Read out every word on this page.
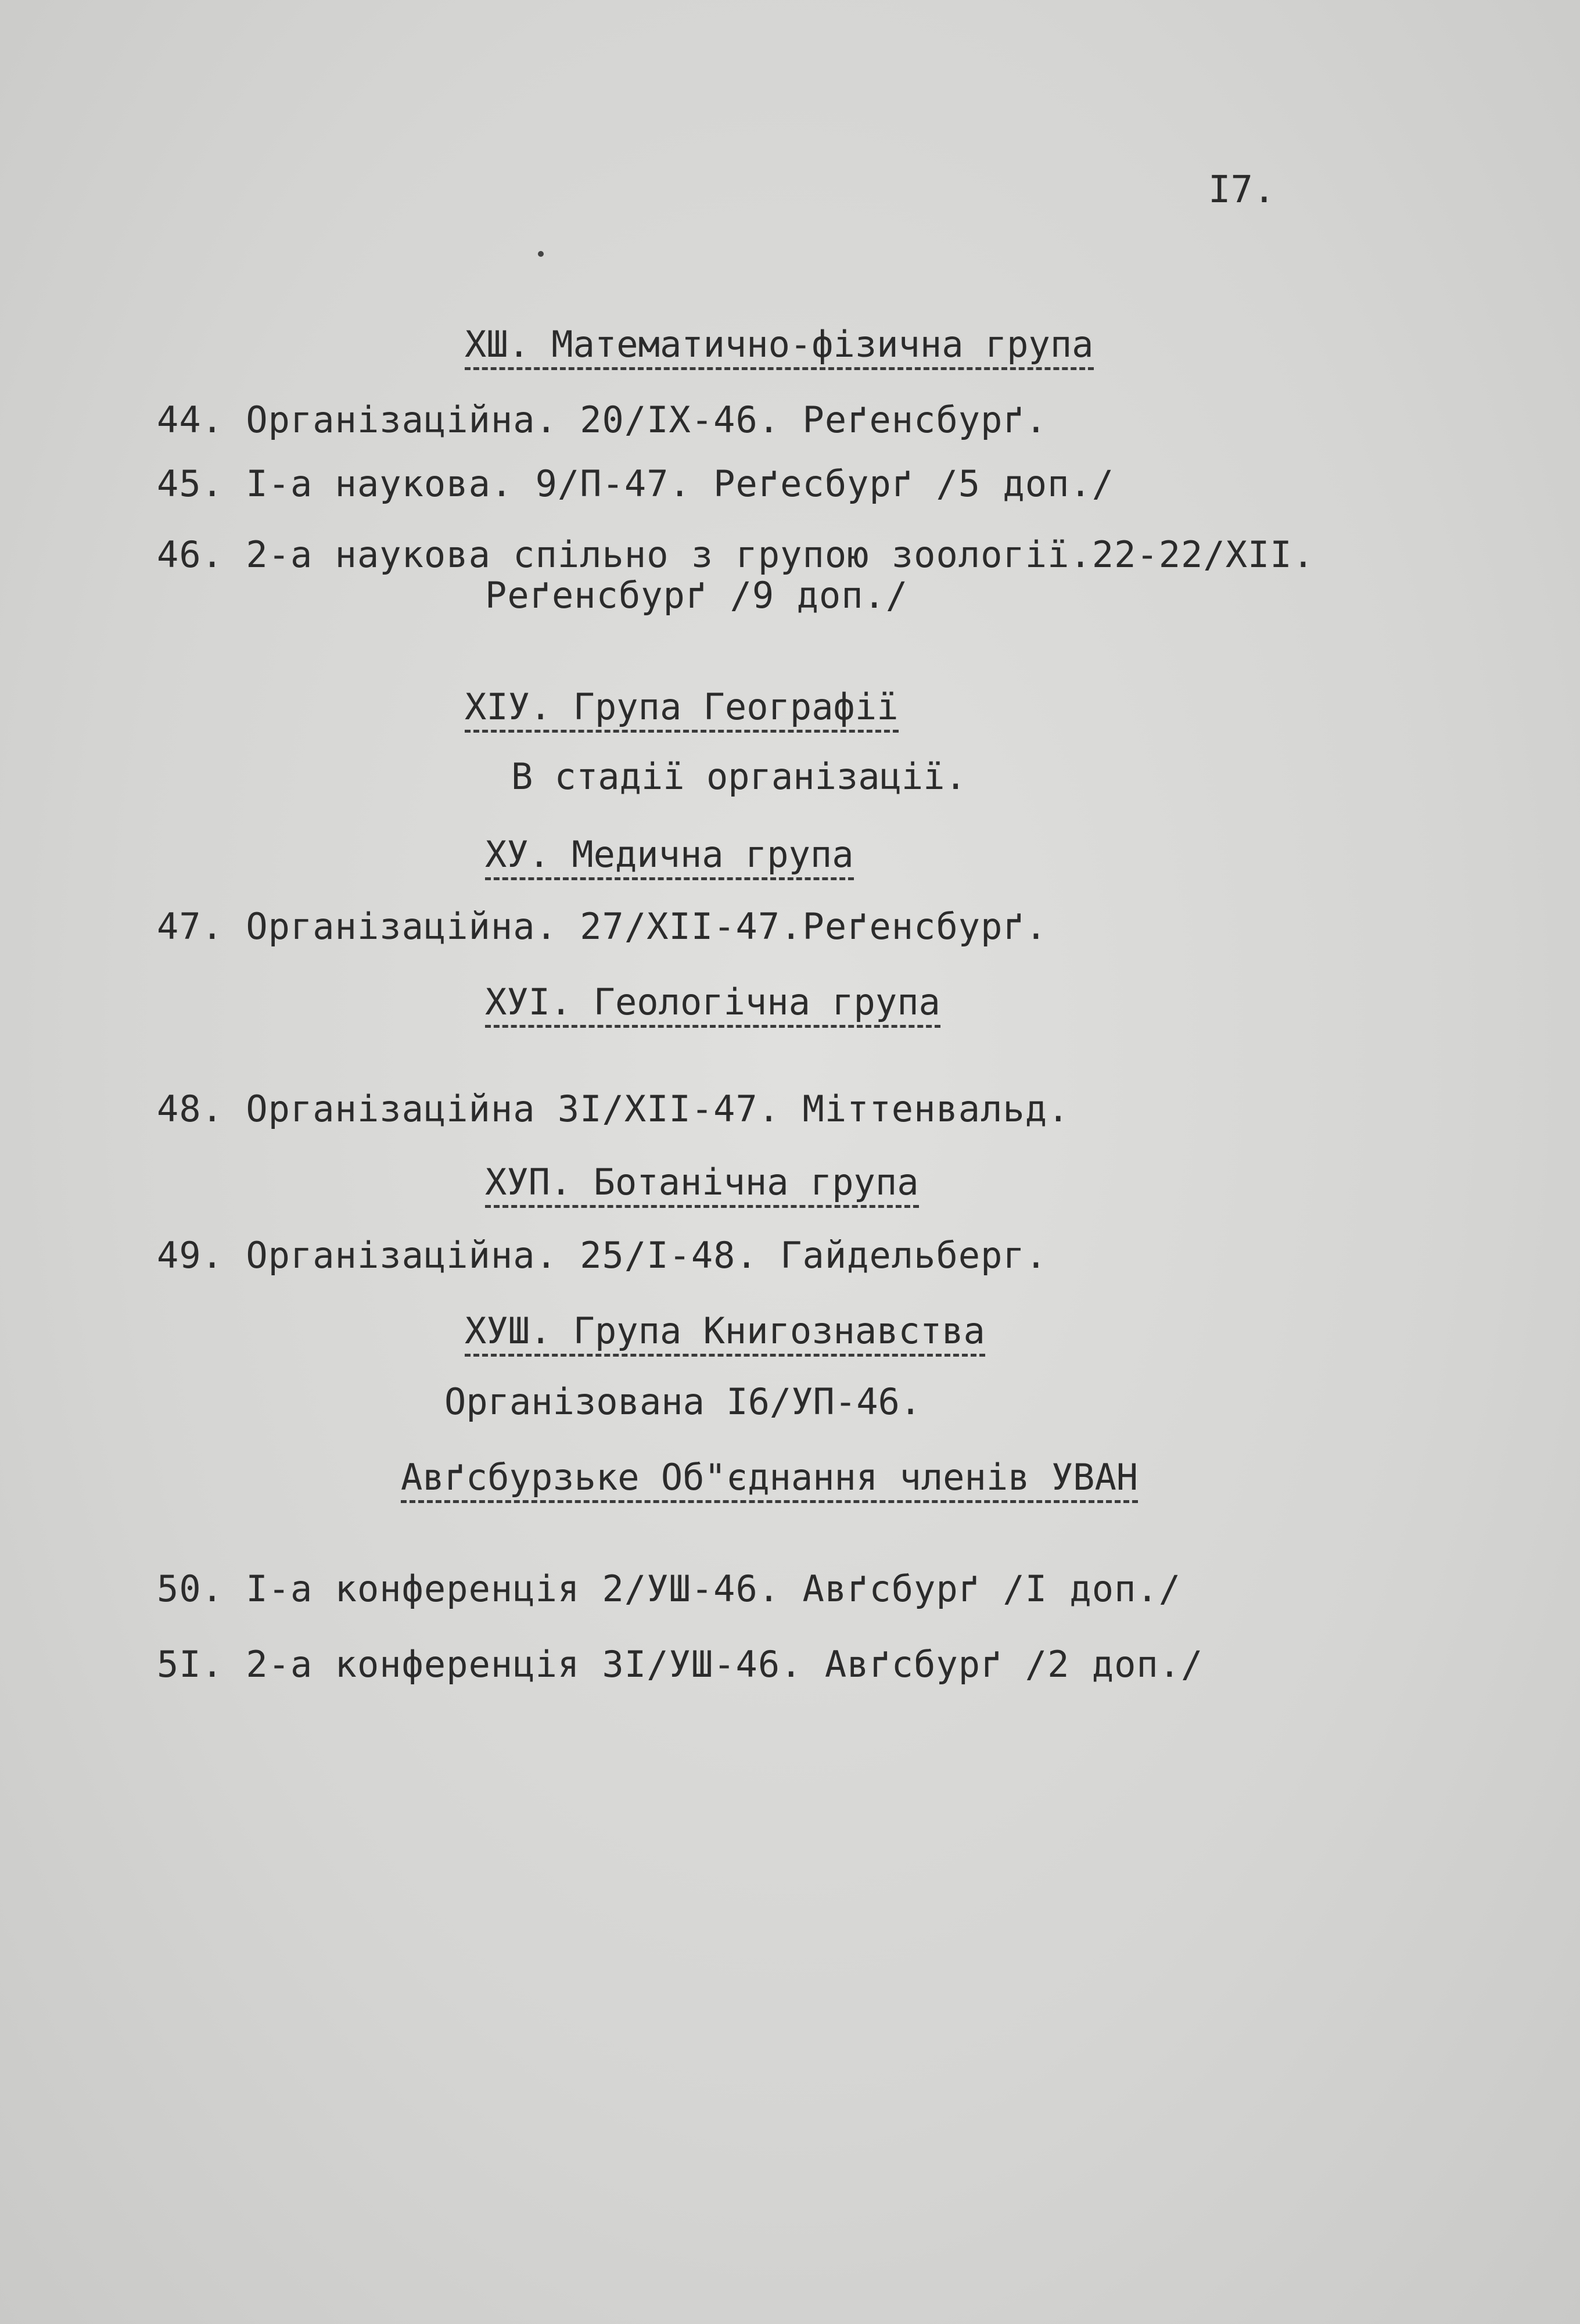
I7.
ХШ. Математично-фізична група
44. Організаційна. 20/IX-46. Реґенсбурґ.
45. I-а наукова. 9/П-47. Реґесбурґ /5 доп./
46. 2-а наукова спільно з групою зоології.22-22/XII.
Реґенсбурґ /9 доп./
XIУ. Група Географії
В стадії організації.
ХУ. Медична група
47. Організаційна. 27/XII-47.Реґенсбурґ.
ХУI. Геологічна група
48. Організаційна 3I/XII-47. Міттенвальд.
ХУП. Ботанічна група
49. Організаційна. 25/I-48. Гайдельберг.
ХУШ. Група Книгознавства
Організована I6/УП-46.
Авґсбурзьке Об"єднання членів УВАН
50. I-а конференція 2/УШ-46. Авґсбурґ /I доп./
5I. 2-а конференція 3I/УШ-46. Авґсбурґ /2 доп./
